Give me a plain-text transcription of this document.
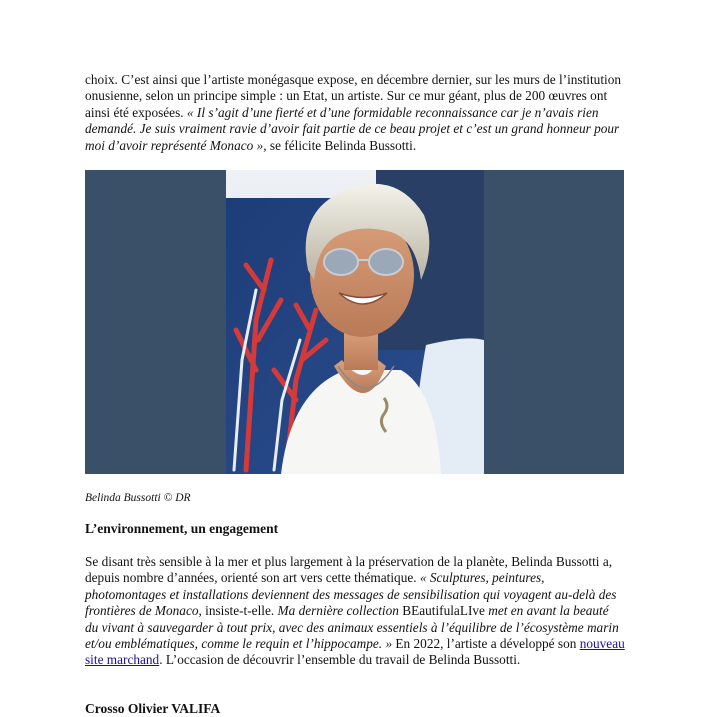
choix. C’est ainsi que l’artiste monégasque expose, en décembre dernier, sur les murs de l’institution onusienne, selon un principe simple : un Etat, un artiste. Sur ce mur géant, plus de 200 œuvres ont ainsi été exposées. « Il s’agit d’une fierté et d’une formidable reconnaissance car je n’avais rien demandé. Je suis vraiment ravie d’avoir fait partie de ce beau projet et c’est un grand honneur pour moi d’avoir représenté Monaco », se félicite Belinda Bussotti.

Belinda Bussotti © DR

L’environnement, un engagement

Se disant très sensible à la mer et plus largement à la préservation de la planète, Belinda Bussotti a, depuis nombre d’années, orienté son art vers cette thématique. « Sculptures, peintures, photomontages et installations deviennent des messages de sensibilisation qui voyagent au-delà des frontières de Monaco, insiste-t-elle. Ma dernière collection BEautifulaLIve met en avant la beauté du vivant à sauvegarder à tout prix, avec des animaux essentiels à l’équilibre de l’écosystème marin et/ou emblématiques, comme le requin et l’hippocampe. » En 2022, l’artiste a développé son nouveau site marchand. L’occasion de découvrir l’ensemble du travail de Belinda Bussotti.

Crosso Olivier VALIFA
